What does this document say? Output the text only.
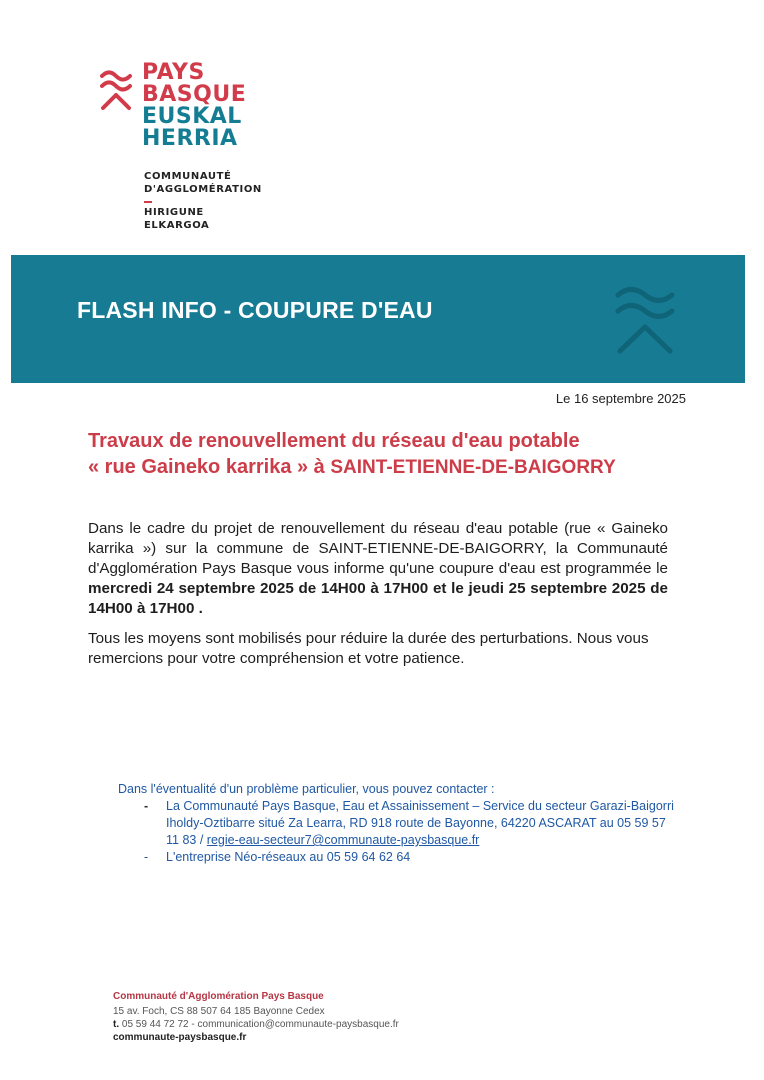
PAYS
BASQUE
EUSKAL
HERRIA
COMMUNAUTÉ
D'AGGLOMÉRATION
HIRIGUNE
ELKARGOA
FLASH INFO - COUPURE D'EAU
Le 16 septembre 2025
Travaux de renouvellement du réseau d'eau potable
« rue Gaineko karrika » à SAINT-ETIENNE-DE-BAIGORRY
Dans le cadre du projet de renouvellement du réseau d'eau potable (rue « Gaineko karrika ») sur la commune de SAINT-ETIENNE-DE-BAIGORRY, la Communauté d'Agglomération Pays Basque vous informe qu'une coupure d'eau est programmée le mercredi 24 septembre 2025 de 14H00 à 17H00 et le jeudi 25 septembre 2025 de 14H00 à 17H00 .
Tous les moyens sont mobilisés pour réduire la durée des perturbations. Nous vous remercions pour votre compréhension et votre patience.
Dans l'éventualité d'un problème particulier, vous pouvez contacter :
- La Communauté Pays Basque, Eau et Assainissement – Service du secteur Garazi-Baigorri Iholdy-Oztibarre situé Za Learra, RD 918 route de Bayonne, 64220 ASCARAT au 05 59 57 11 83 / regie-eau-secteur7@communaute-paysbasque.fr
- L'entreprise Néo-réseaux au 05 59 64 62 64
Communauté d'Agglomération Pays Basque
15 av. Foch, CS 88 507 64 185 Bayonne Cedex
t. 05 59 44 72 72 - communication@communaute-paysbasque.fr
communaute-paysbasque.fr
